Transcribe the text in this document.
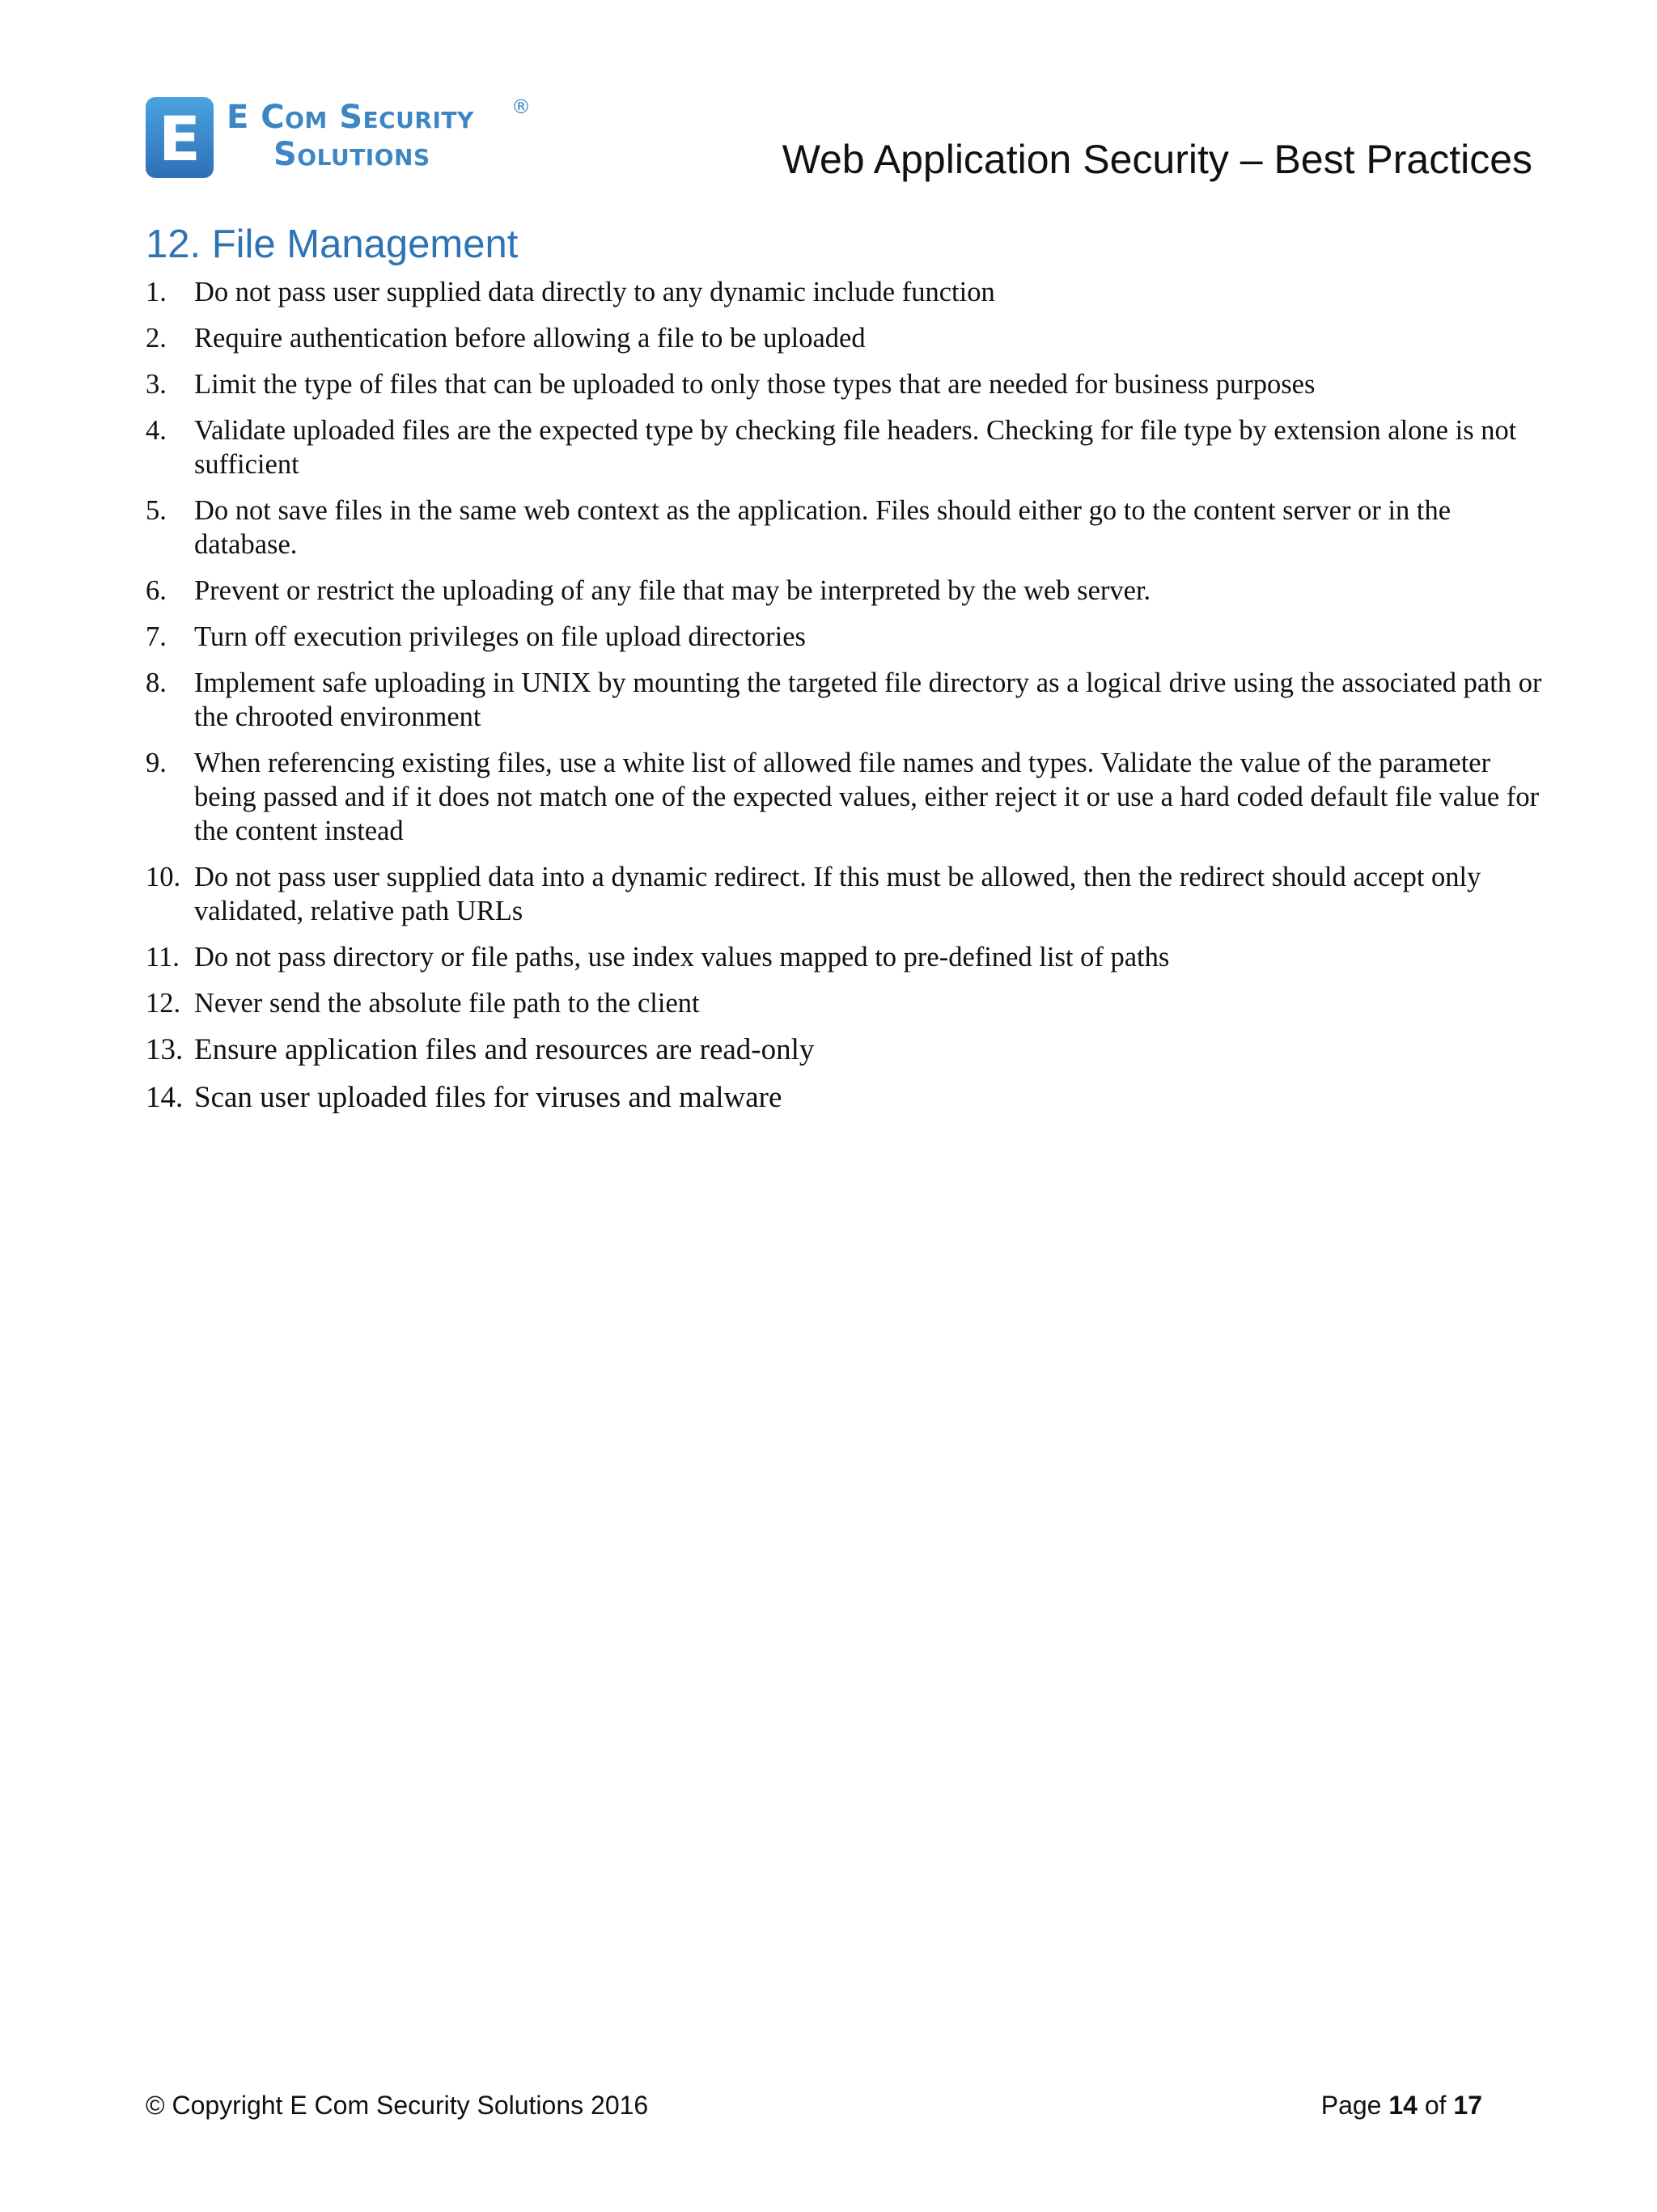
E E Com Security
Solutions
®
Web Application Security – Best Practices
12. File Management
1. Do not pass user supplied data directly to any dynamic include function
2. Require authentication before allowing a file to be uploaded
3. Limit the type of files that can be uploaded to only those types that are needed for business purposes
4. Validate uploaded files are the expected type by checking file headers. Checking for file type by extension alone is not sufficient
5. Do not save files in the same web context as the application. Files should either go to the content server or in the database.
6. Prevent or restrict the uploading of any file that may be interpreted by the web server.
7. Turn off execution privileges on file upload directories
8. Implement safe uploading in UNIX by mounting the targeted file directory as a logical drive using the associated path or the chrooted environment
9. When referencing existing files, use a white list of allowed file names and types. Validate the value of the parameter being passed and if it does not match one of the expected values, either reject it or use a hard coded default file value for the content instead
10. Do not pass user supplied data into a dynamic redirect. If this must be allowed, then the redirect should accept only validated, relative path URLs
11. Do not pass directory or file paths, use index values mapped to pre-defined list of paths
12. Never send the absolute file path to the client
13. Ensure application files and resources are read-only
14. Scan user uploaded files for viruses and malware
© Copyright E Com Security Solutions 2016	Page 14 of 17
